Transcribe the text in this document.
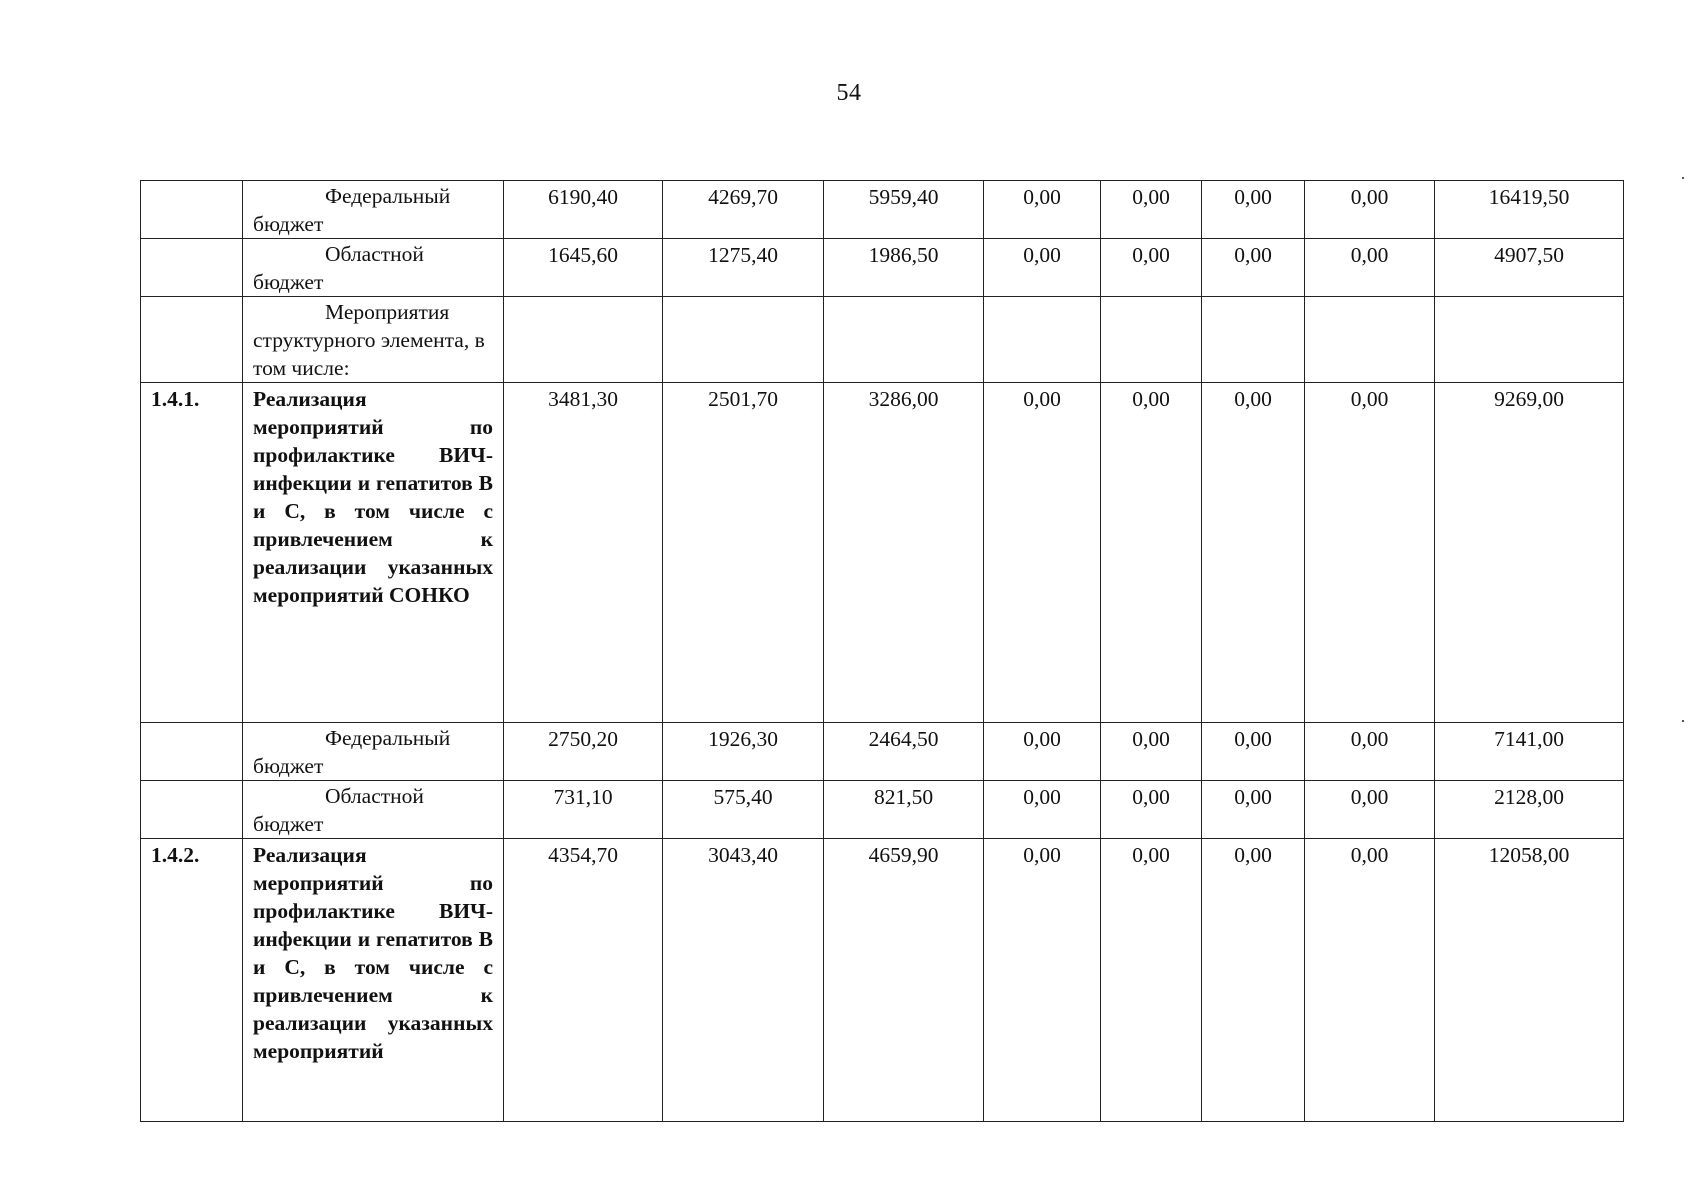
54
	Федеральный бюджет	6190,40	4269,70	5959,40	0,00	0,00	0,00	0,00	16419,50
	Областной бюджет	1645,60	1275,40	1986,50	0,00	0,00	0,00	0,00	4907,50
	Мероприятия структурного элемента, в том числе:								
1.4.1.	Реализация мероприятий по профилактике ВИЧ-инфекции и гепатитов В и С, в том числе с привлечением к реализации указанных мероприятий СОНКО	3481,30	2501,70	3286,00	0,00	0,00	0,00	0,00	9269,00
	Федеральный бюджет	2750,20	1926,30	2464,50	0,00	0,00	0,00	0,00	7141,00
	Областной бюджет	731,10	575,40	821,50	0,00	0,00	0,00	0,00	2128,00
1.4.2.	Реализация мероприятий по профилактике ВИЧ-инфекции и гепатитов В и С, в том числе с привлечением к реализации указанных мероприятий	4354,70	3043,40	4659,90	0,00	0,00	0,00	0,00	12058,00
